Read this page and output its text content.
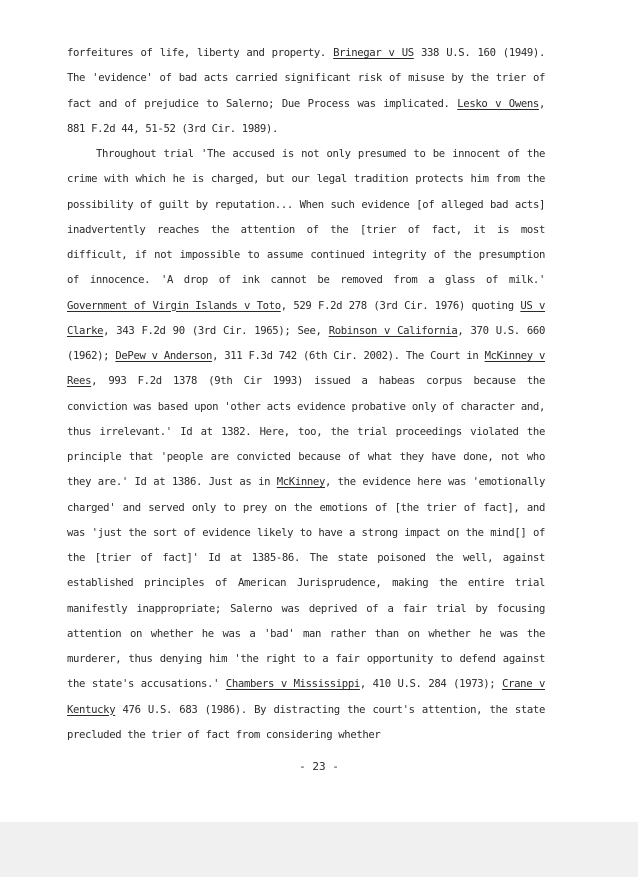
forfeitures of life, liberty and property. Brinegar v US 338 U.S. 160 (1949). The 'evidence' of bad acts carried significant risk of misuse by the trier of fact and of prejudice to Salerno; Due Process was implicated. Lesko v Owens, 881 F.2d 44, 51-52 (3rd Cir. 1989).

Throughout trial 'The accused is not only presumed to be innocent of the crime with which he is charged, but our legal tradition protects him from the possibility of guilt by reputation... When such evidence [of alleged bad acts] inadvertently reaches the attention of the [trier of fact, it is most difficult, if not impossible to assume continued integrity of the presumption of innocence. 'A drop of ink cannot be removed from a glass of milk.' Government of Virgin Islands v Toto, 529 F.2d 278 (3rd Cir. 1976) quoting US v Clarke, 343 F.2d 90 (3rd Cir. 1965); See, Robinson v California, 370 U.S. 660 (1962); DePew v Anderson, 311 F.3d 742 (6th Cir. 2002). The Court in McKinney v Rees, 993 F.2d 1378 (9th Cir 1993) issued a habeas corpus because the conviction was based upon 'other acts evidence probative only of character and, thus irrelevant.' Id at 1382. Here, too, the trial proceedings violated the principle that 'people are convicted because of what they have done, not who they are.' Id at 1386. Just as in McKinney, the evidence here was 'emotionally charged' and served only to prey on the emotions of [the trier of fact], and was 'just the sort of evidence likely to have a strong impact on the mind[] of the [trier of fact]' Id at 1385-86. The state poisoned the well, against established principles of American Jurisprudence, making the entire trial manifestly inappropriate; Salerno was deprived of a fair trial by focusing attention on whether he was a 'bad' man rather than on whether he was the murderer, thus denying him 'the right to a fair opportunity to defend against the state's accusations.' Chambers v Mississippi, 410 U.S. 284 (1973); Crane v Kentucky 476 U.S. 683 (1986). By distracting the court's attention, the state precluded the trier of fact from considering whether

- 23 -
